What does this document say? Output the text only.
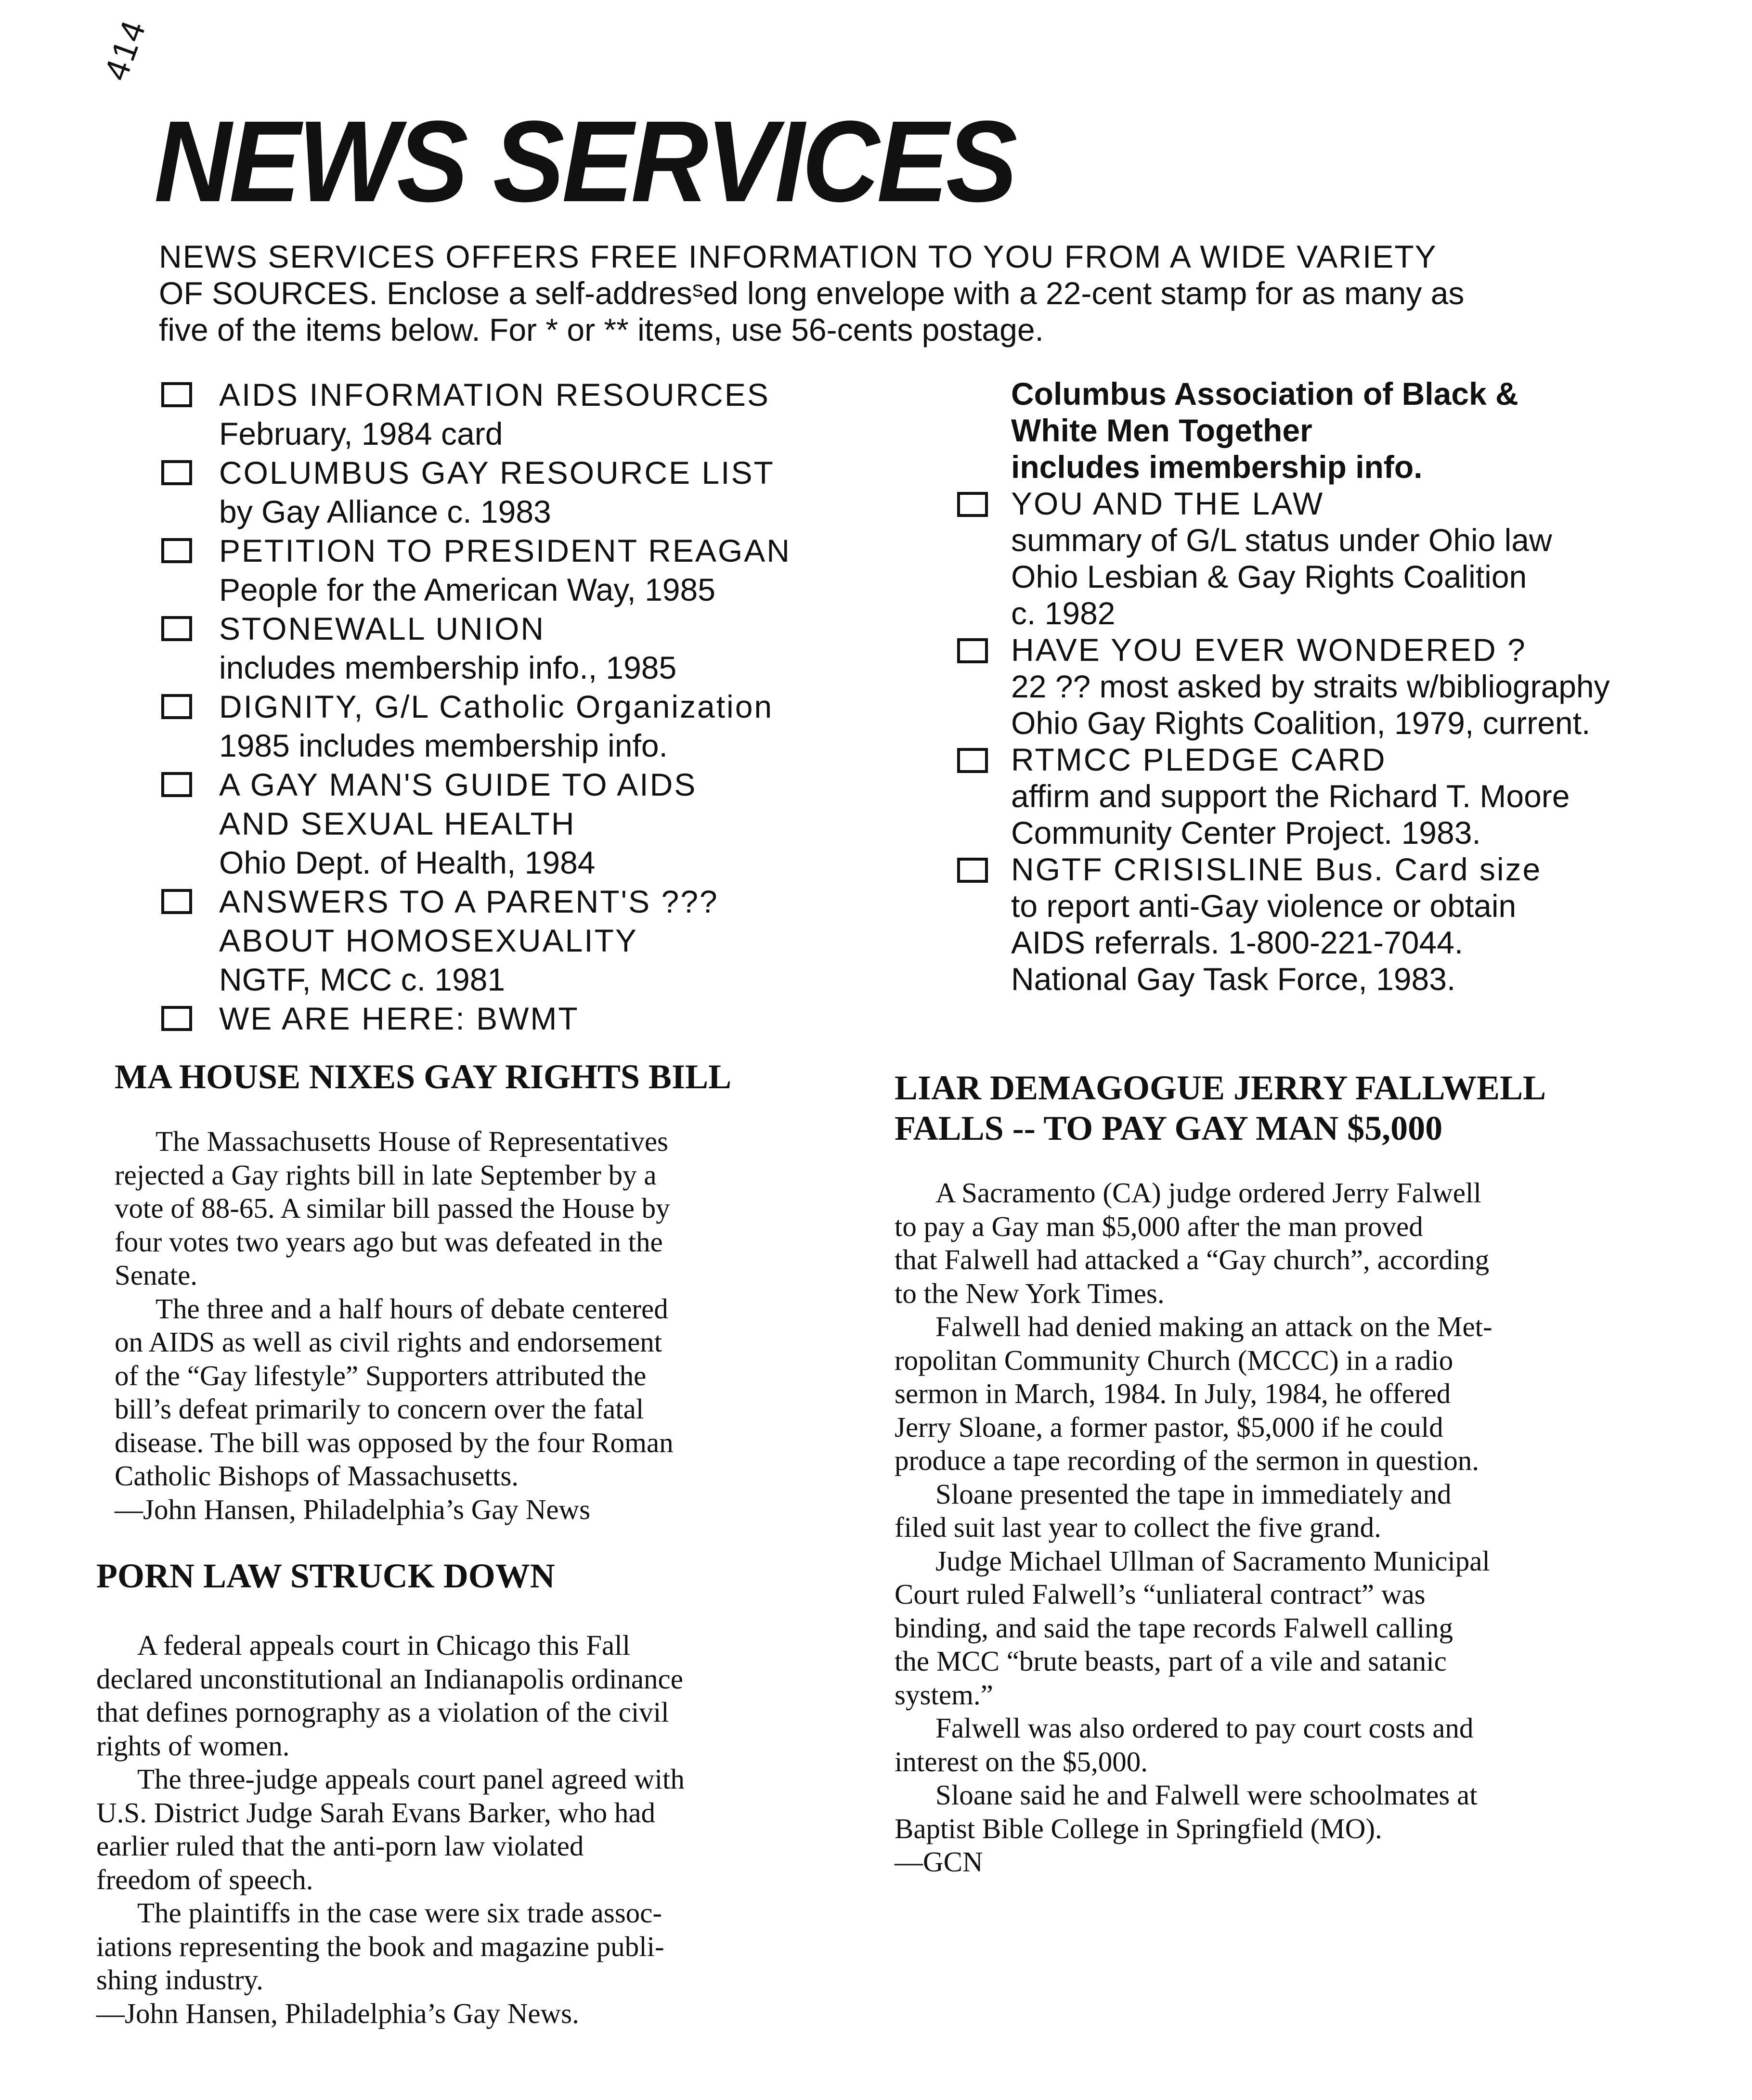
414
NEWS SERVICES
NEWS SERVICES OFFERS FREE INFORMATION TO YOU FROM A WIDE VARIETY
OF SOURCES. Enclose a self-addresˢed long envelope with a 22-cent stamp for as many as
five of the items below. For * or ** items, use 56-cents postage.
AIDS INFORMATION RESOURCES
February, 1984 card
COLUMBUS GAY RESOURCE LIST
by Gay Alliance c. 1983
PETITION TO PRESIDENT REAGAN
People for the American Way, 1985
STONEWALL UNION
includes membership info., 1985
DIGNITY, G/L Catholic Organization
1985 includes membership info.
A GAY MAN'S GUIDE TO AIDS
AND SEXUAL HEALTH
Ohio Dept. of Health, 1984
ANSWERS TO A PARENT'S ???
ABOUT HOMOSEXUALITY
NGTF, MCC c. 1981
WE ARE HERE: BWMT
Columbus Association of Black &
White Men Together
includes imembership info.
YOU AND THE LAW
summary of G/L status under Ohio law
Ohio Lesbian & Gay Rights Coalition
c. 1982
HAVE YOU EVER WONDERED ?
22 ?? most asked by straits w/bibliography
Ohio Gay Rights Coalition, 1979, current.
RTMCC PLEDGE CARD
affirm and support the Richard T. Moore
Community Center Project. 1983.
NGTF CRISISLINE Bus. Card size
to report anti-Gay violence or obtain
AIDS referrals. 1-800-221-7044.
National Gay Task Force, 1983.
MA HOUSE NIXES GAY RIGHTS BILL
The Massachusetts House of Representatives
rejected a Gay rights bill in late September by a
vote of 88-65. A similar bill passed the House by
four votes two years ago but was defeated in the
Senate.
The three and a half hours of debate centered
on AIDS as well as civil rights and endorsement
of the “Gay lifestyle” Supporters attributed the
bill’s defeat primarily to concern over the fatal
disease. The bill was opposed by the four Roman
Catholic Bishops of Massachusetts.
—John Hansen, Philadelphia’s Gay News
PORN LAW STRUCK DOWN
A federal appeals court in Chicago this Fall
declared unconstitutional an Indianapolis ordinance
that defines pornography as a violation of the civil
rights of women.
The three-judge appeals court panel agreed with
U.S. District Judge Sarah Evans Barker, who had
earlier ruled that the anti-porn law violated
freedom of speech.
The plaintiffs in the case were six trade assoc-
iations representing the book and magazine publi-
shing industry.
—John Hansen, Philadelphia’s Gay News.
LIAR DEMAGOGUE JERRY FALLWELL
FALLS -- TO PAY GAY MAN $5,000
A Sacramento (CA) judge ordered Jerry Falwell
to pay a Gay man $5,000 after the man proved
that Falwell had attacked a “Gay church”, according
to the New York Times.
Falwell had denied making an attack on the Met-
ropolitan Community Church (MCCC) in a radio
sermon in March, 1984. In July, 1984, he offered
Jerry Sloane, a former pastor, $5,000 if he could
produce a tape recording of the sermon in question.
Sloane presented the tape in immediately and
filed suit last year to collect the five grand.
Judge Michael Ullman of Sacramento Municipal
Court ruled Falwell’s “unliateral contract” was
binding, and said the tape records Falwell calling
the MCC “brute beasts, part of a vile and satanic
system.”
Falwell was also ordered to pay court costs and
interest on the $5,000.
Sloane said he and Falwell were schoolmates at
Baptist Bible College in Springfield (MO).
—GCN
